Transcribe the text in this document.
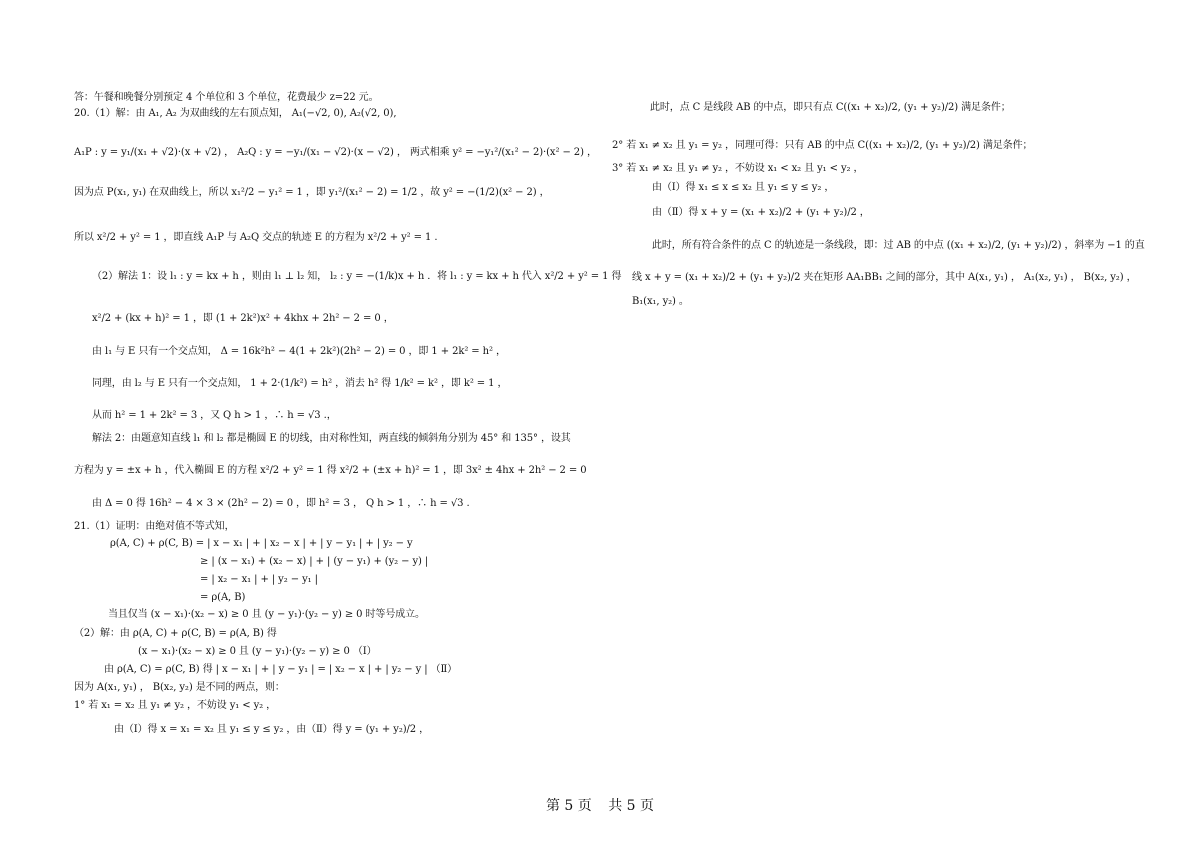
答：午餐和晚餐分别预定 4 个单位和 3 个单位，花费最少 z=22 元。
20.（1）解：由 A₁, A₂ 为双曲线的左右顶点知， A₁(−√2, 0), A₂(√2, 0),
A₁P : y = y₁/(x₁ + √2)·(x + √2) ， A₂Q : y = −y₁/(x₁ − √2)·(x − √2) ， 两式相乘 y² = −y₁²/(x₁² − 2)·(x² − 2) ，
因为点 P(x₁, y₁) 在双曲线上，所以 x₁²/2 − y₁² = 1 ，即 y₁²/(x₁² − 2) = 1/2 ，故 y² = −(1/2)(x² − 2) ，
所以 x²/2 + y² = 1 ，即直线 A₁P 与 A₂Q 交点的轨迹 E 的方程为 x²/2 + y² = 1 .
（2）解法 1：设 l₁ : y = kx + h ，则由 l₁ ⊥ l₂ 知， l₂ : y = −(1/k)x + h ．将 l₁ : y = kx + h 代入 x²/2 + y² = 1 得
x²/2 + (kx + h)² = 1 ，即 (1 + 2k²)x² + 4khx + 2h² − 2 = 0 ，
由 l₁ 与 E 只有一个交点知， Δ = 16k²h² − 4(1 + 2k²)(2h² − 2) = 0 ，即 1 + 2k² = h² ，
同理，由 l₂ 与 E 只有一个交点知， 1 + 2·(1/k²) = h² ，消去 h² 得 1/k² = k² ，即 k² = 1 ，
从而 h² = 1 + 2k² = 3 ，又 Q h > 1 ，∴ h = √3 .，
解法 2：由题意知直线 l₁ 和 l₂ 都是椭圆 E 的切线，由对称性知，两直线的倾斜角分别为 45° 和 135° ，设其
方程为 y = ±x + h ，代入椭圆 E 的方程 x²/2 + y² = 1 得 x²/2 + (±x + h)² = 1 ，即 3x² ± 4hx + 2h² − 2 = 0
由 Δ = 0 得 16h² − 4 × 3 × (2h² − 2) = 0 ，即 h² = 3 ， Q h > 1 ，∴ h = √3 .
21.（1）证明：由绝对值不等式知，
ρ(A, C) + ρ(C, B) = | x − x₁ | + | x₂ − x | + | y − y₁ | + | y₂ − y
≥ | (x − x₁) + (x₂ − x) | + | (y − y₁) + (y₂ − y) |
= | x₂ − x₁ | + | y₂ − y₁ |
= ρ(A, B)
当且仅当 (x − x₁)·(x₂ − x) ≥ 0 且 (y − y₁)·(y₂ − y) ≥ 0 时等号成立。
（2）解：由 ρ(A, C) + ρ(C, B) = ρ(A, B) 得
(x − x₁)·(x₂ − x) ≥ 0 且 (y − y₁)·(y₂ − y) ≥ 0 （Ⅰ）
由 ρ(A, C) = ρ(C, B) 得 | x − x₁ | + | y − y₁ | = | x₂ − x | + | y₂ − y | （Ⅱ）
因为 A(x₁, y₁) ， B(x₂, y₂) 是不同的两点，则：
1° 若 x₁ = x₂ 且 y₁ ≠ y₂ ，不妨设 y₁ < y₂ ，
由（Ⅰ）得 x = x₁ = x₂ 且 y₁ ≤ y ≤ y₂ ，由（Ⅱ）得 y = (y₁ + y₂)/2 ，
此时，点 C 是线段 AB 的中点，即只有点 C((x₁ + x₂)/2, (y₁ + y₂)/2) 满足条件；
2° 若 x₁ ≠ x₂ 且 y₁ = y₂ ，同理可得：只有 AB 的中点 C((x₁ + x₂)/2, (y₁ + y₂)/2) 满足条件；
3° 若 x₁ ≠ x₂ 且 y₁ ≠ y₂ ，不妨设 x₁ < x₂ 且 y₁ < y₂ ，
由（Ⅰ）得 x₁ ≤ x ≤ x₂ 且 y₁ ≤ y ≤ y₂ ，
由（Ⅱ）得 x + y = (x₁ + x₂)/2 + (y₁ + y₂)/2 ，
此时，所有符合条件的点 C 的轨迹是一条线段，即：过 AB 的中点 ((x₁ + x₂)/2, (y₁ + y₂)/2) ，斜率为 −1 的直
线 x + y = (x₁ + x₂)/2 + (y₁ + y₂)/2 夹在矩形 AA₁BB₁ 之间的部分，其中 A(x₁, y₁) ， A₁(x₂, y₁) ， B(x₂, y₂) ，
B₁(x₁, y₂) 。
第 5 页 共 5 页
